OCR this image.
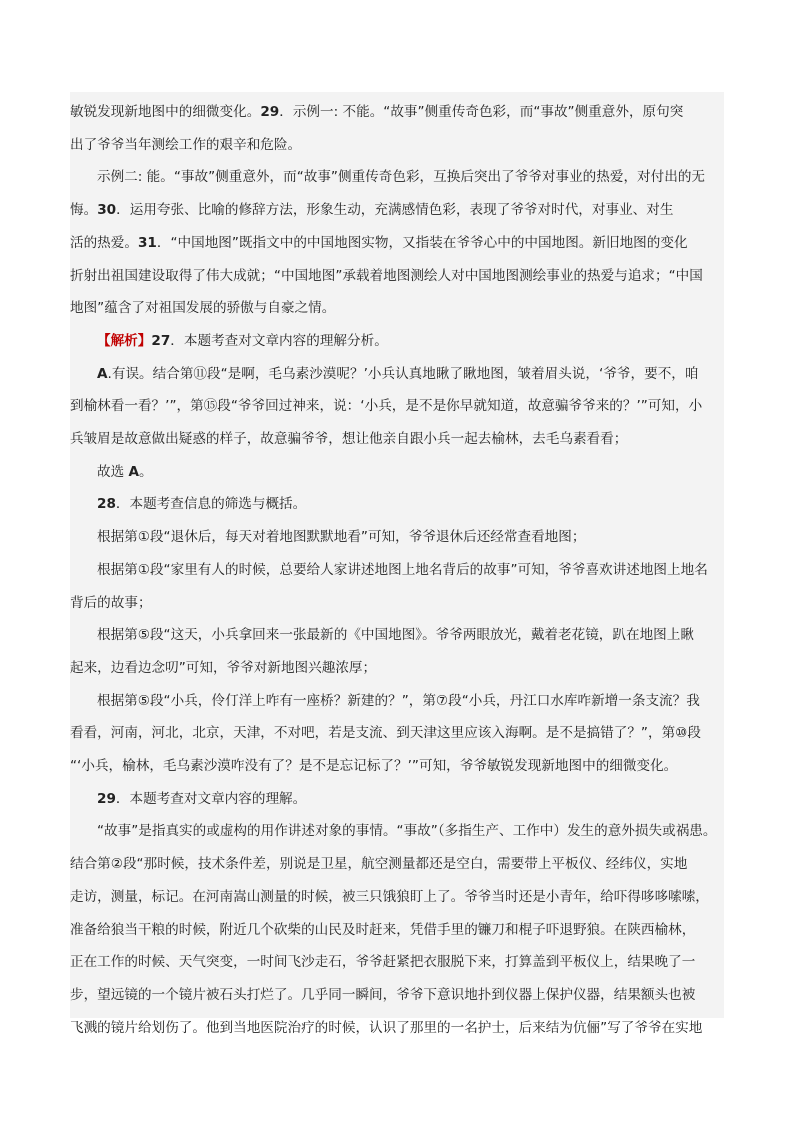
敏锐发现新地图中的细微变化。29．示例一: 不能。“故事”侧重传奇色彩，而“事故”侧重意外，原句突
出了爷爷当年测绘工作的艰辛和危险。
示例二: 能。“事故”侧重意外，而“故事”侧重传奇色彩，互换后突出了爷爷对事业的热爱，对付出的无
悔。30．运用夸张、比喻的修辞方法，形象生动，充满感情色彩，表现了爷爷对时代，对事业、对生
活的热爱。31．“中国地图”既指文中的中国地图实物，又指装在爷爷心中的中国地图。新旧地图的变化
折射出祖国建设取得了伟大成就；“中国地图”承载着地图测绘人对中国地图测绘事业的热爱与追求；“中国
地图”蕴含了对祖国发展的骄傲与自豪之情。
【解析】27．本题考查对文章内容的理解分析。
A.有误。结合第⑪段“是啊，毛乌素沙漠呢？’小兵认真地瞅了瞅地图，皱着眉头说，‘爷爷，要不，咱
到榆林看一看？’”，第⑮段“爷爷回过神来，说：‘小兵，是不是你早就知道，故意骗爷爷来的？’”可知，小
兵皱眉是故意做出疑惑的样子，故意骗爷爷，想让他亲自跟小兵一起去榆林，去毛乌素看看；
故选 A。
28．本题考查信息的筛选与概括。
根据第①段“退休后，每天对着地图默默地看”可知，爷爷退休后还经常查看地图；
根据第①段“家里有人的时候，总要给人家讲述地图上地名背后的故事”可知，爷爷喜欢讲述地图上地名
背后的故事；
根据第⑤段“这天，小兵拿回来一张最新的《中国地图》。爷爷两眼放光，戴着老花镜，趴在地图上瞅
起来，边看边念叨”可知，爷爷对新地图兴趣浓厚；
根据第⑤段“小兵，伶仃洋上咋有一座桥？新建的？”，第⑦段“小兵，丹江口水库咋新增一条支流？我
看看，河南，河北，北京，天津，不对吧，若是支流、到天津这里应该入海啊。是不是搞错了？”，第⑩段
“‘小兵，榆林，毛乌素沙漠咋没有了？是不是忘记标了？’”可知，爷爷敏锐发现新地图中的细微变化。
29．本题考查对文章内容的理解。
“故事”是指真实的或虚构的用作讲述对象的事情。“事故”（多指生产、工作中）发生的意外损失或祸患。
结合第②段“那时候，技术条件差，别说是卫星，航空测量都还是空白，需要带上平板仪、经纬仪，实地
走访，测量，标记。在河南嵩山测量的时候，被三只饿狼盯上了。爷爷当时还是小青年，给吓得哆哆嗦嗦，
准备给狼当干粮的时候，附近几个砍柴的山民及时赶来，凭借手里的镰刀和棍子吓退野狼。在陕西榆林，
正在工作的时候、天气突变，一时间飞沙走石，爷爷赶紧把衣服脱下来，打算盖到平板仪上，结果晚了一
步，望远镜的一个镜片被石头打烂了。几乎同一瞬间，爷爷下意识地扑到仪器上保护仪器，结果额头也被
飞溅的镜片给划伤了。他到当地医院治疗的时候，认识了那里的一名护士，后来结为伉俪”写了爷爷在实地
